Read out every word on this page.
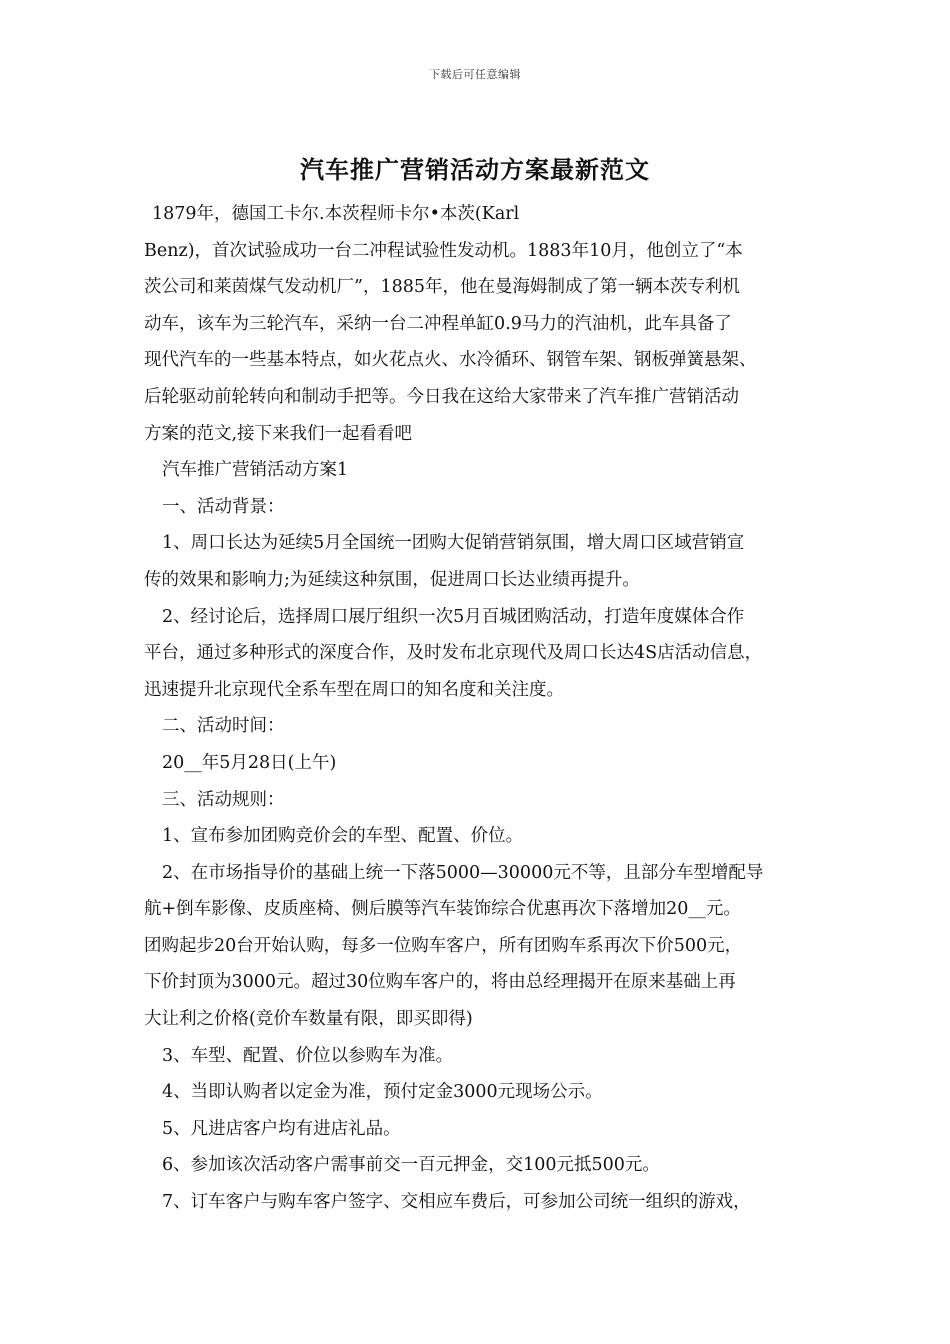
下载后可任意编辑
汽车推广营销活动方案最新范文
1879年，德国工卡尔.本茨程师卡尔•本茨(Karl
Benz)，首次试验成功一台二冲程试验性发动机。1883年10月，他创立了“本
茨公司和莱茵煤气发动机厂”，1885年，他在曼海姆制成了第一辆本茨专利机
动车，该车为三轮汽车，采纳一台二冲程单缸0.9马力的汽油机，此车具备了
现代汽车的一些基本特点，如火花点火、水冷循环、钢管车架、钢板弹簧悬架、
后轮驱动前轮转向和制动手把等。今日我在这给大家带来了汽车推广营销活动
方案的范文,接下来我们一起看看吧
汽车推广营销活动方案1
一、活动背景：
1、周口长达为延续5月全国统一团购大促销营销氛围，增大周口区域营销宣
传的效果和影响力;为延续这种氛围，促进周口长达业绩再提升。
2、经讨论后，选择周口展厅组织一次5月百城团购活动，打造年度媒体合作
平台，通过多种形式的深度合作，及时发布北京现代及周口长达4S店活动信息，
迅速提升北京现代全系车型在周口的知名度和关注度。
二、活动时间：
20__年5月28日(上午)
三、活动规则：
1、宣布参加团购竞价会的车型、配置、价位。
2、在市场指导价的基础上统一下落5000—30000元不等，且部分车型增配导
航+倒车影像、皮质座椅、侧后膜等汽车装饰综合优惠再次下落增加20__元。
团购起步20台开始认购，每多一位购车客户，所有团购车系再次下价500元，
下价封顶为3000元。超过30位购车客户的，将由总经理揭开在原来基础上再
大让利之价格(竞价车数量有限，即买即得)
3、车型、配置、价位以参购车为准。
4、当即认购者以定金为准，预付定金3000元现场公示。
5、凡进店客户均有进店礼品。
6、参加该次活动客户需事前交一百元押金，交100元抵500元。
7、订车客户与购车客户签字、交相应车费后，可参加公司统一组织的游戏，
